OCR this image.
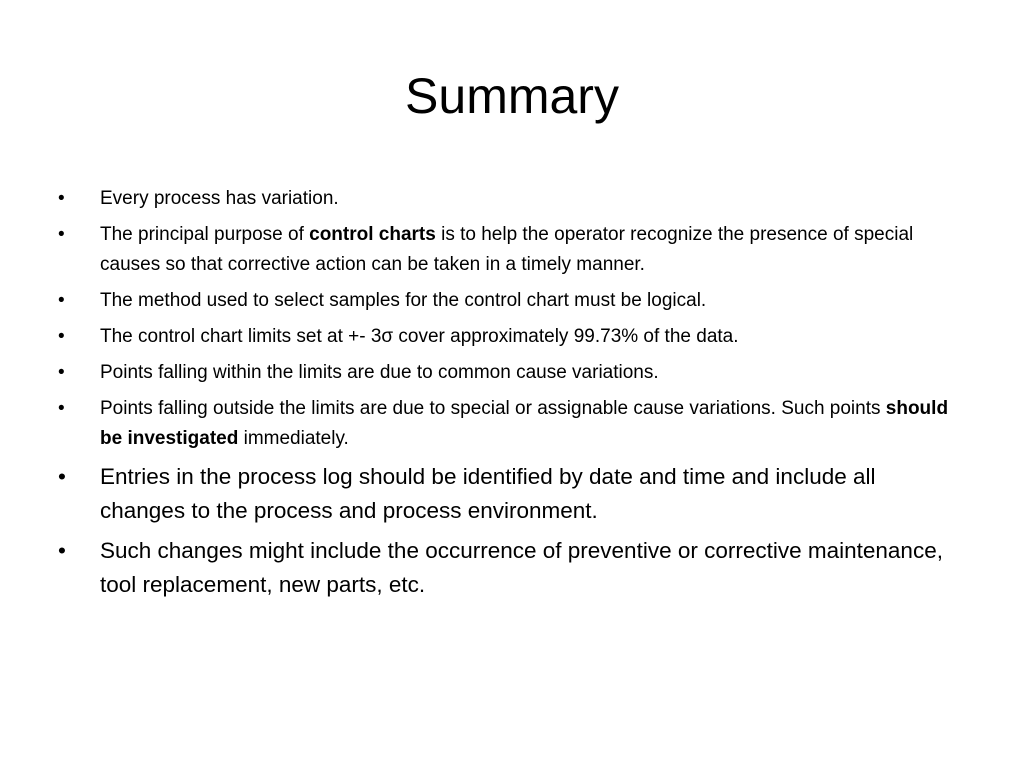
Summary
• Every process has variation.
• The principal purpose of control charts is to help the operator recognize the presence of special causes so that corrective action can be taken in a timely manner.
• The method used to select samples for the control chart must be logical.
• The control chart limits set at +- 3σ cover approximately 99.73% of the data.
• Points falling within the limits are due to common cause variations.
• Points falling outside the limits are due to special or assignable cause variations. Such points should be investigated immediately.
• Entries in the process log should be identified by date and time and include all changes to the process and process environment.
• Such changes might include the occurrence of preventive or corrective maintenance, tool replacement, new parts, etc.
